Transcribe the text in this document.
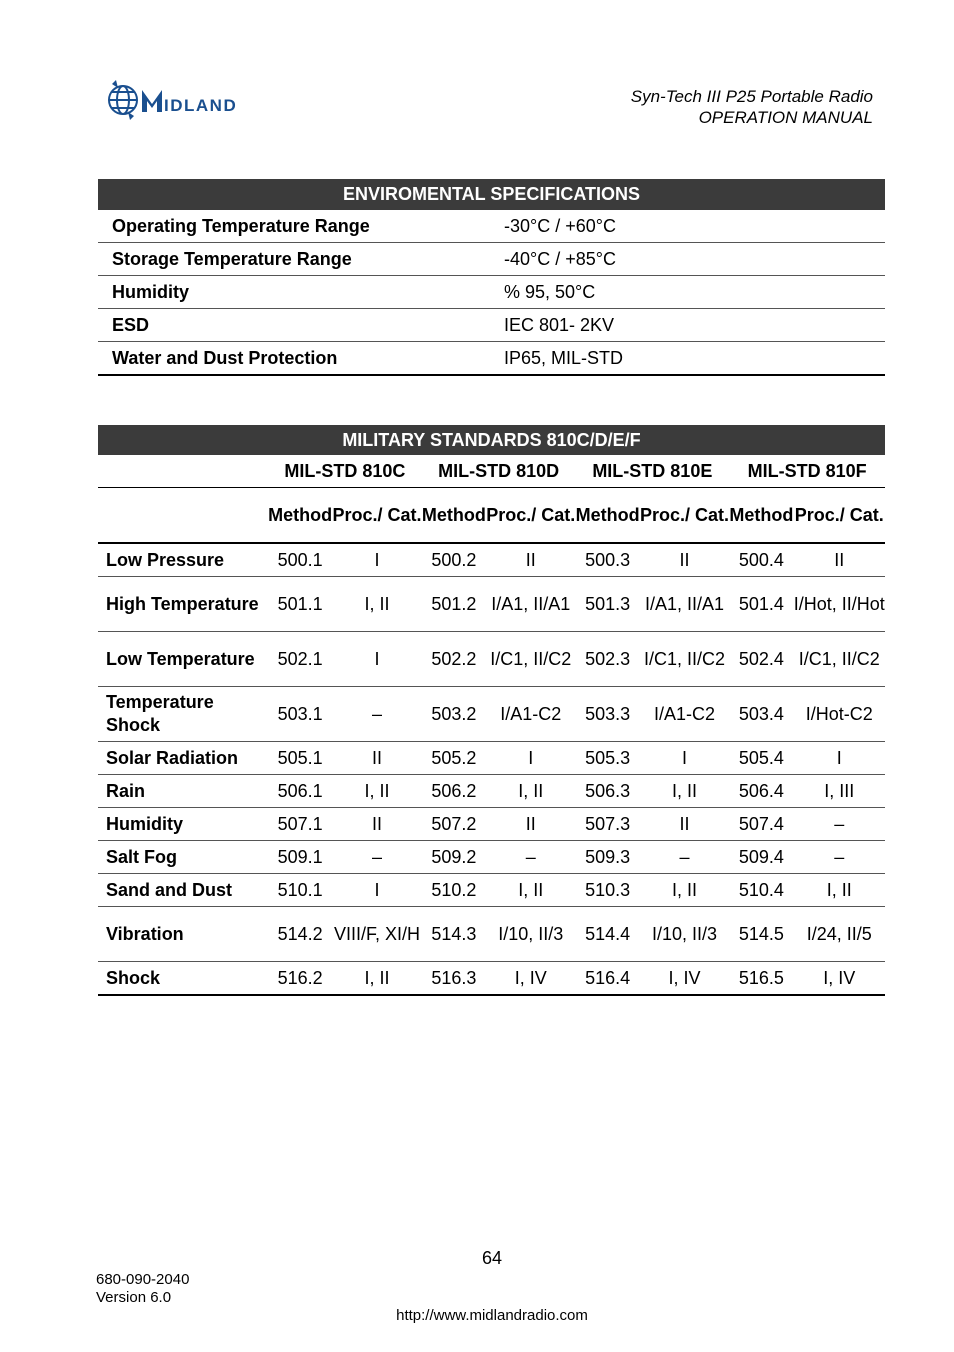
IDLAND	Syn-Tech III P25 Portable Radio
OPERATION MANUAL
ENVIROMENTAL SPECIFICATIONS	
Operating Temperature Range	-30°C / +60°C
Storage Temperature Range	-40°C / +85°C
Humidity	% 95, 50°C
ESD	IEC 801- 2KV
Water and Dust Protection	IP65, MIL-STD
MILITARY STANDARDS 810C/D/E/F								
	MIL-STD 810C		MIL-STD 810D		MIL-STD 810E		MIL-STD 810F	
	Method	Proc./ Cat.	Method	Proc./ Cat.	Method	Proc./ Cat.	Method	Proc./ Cat.
Low Pressure	500.1	I	500.2	II	500.3	II	500.4	II
High Temperature	501.1	I, II	501.2	I/A1, II/A1	501.3	I/A1, II/A1	501.4	I/Hot, II/Hot
Low Temperature	502.1	I	502.2	I/C1, II/C2	502.3	I/C1, II/C2	502.4	I/C1, II/C2
Temperature Shock	503.1	–	503.2	I/A1-C2	503.3	I/A1-C2	503.4	I/Hot-C2
Solar Radiation	505.1	II	505.2	I	505.3	I	505.4	I
Rain	506.1	I, II	506.2	I, II	506.3	I, II	506.4	I, III
Humidity	507.1	II	507.2	II	507.3	II	507.4	–
Salt Fog	509.1	–	509.2	–	509.3	–	509.4	–
Sand and Dust	510.1	I	510.2	I, II	510.3	I, II	510.4	I, II
Vibration	514.2	VIII/F, XI/H	514.3	I/10, II/3	514.4	I/10, II/3	514.5	I/24, II/5
Shock	516.2	I, II	516.3	I, IV	516.4	I, IV	516.5	I, IV
64
680-090-2040
Version 6.0
http://www.midlandradio.com
